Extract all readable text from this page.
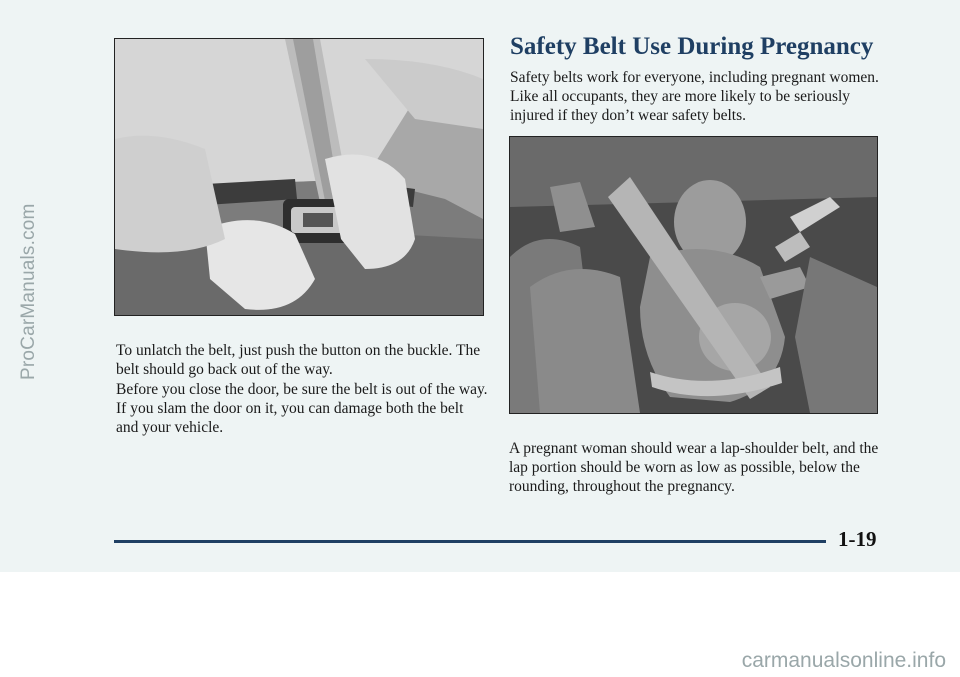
ProCarManuals.com	To unlatch the belt, just push the button on the buckle. The belt should go back out of the way.
Before you close the door, be sure the belt is out of the way. If you slam the door on it, you can damage both the belt and your vehicle.
Safety Belt Use During Pregnancy
Safety belts work for everyone, including pregnant women. Like all occupants, they are more likely to be seriously injured if they don’t wear safety belts.
A pregnant woman should wear a lap-shoulder belt, and the lap portion should be worn as low as possible, below the rounding, throughout the pregnancy.
1-19
carmanualsonline.info
